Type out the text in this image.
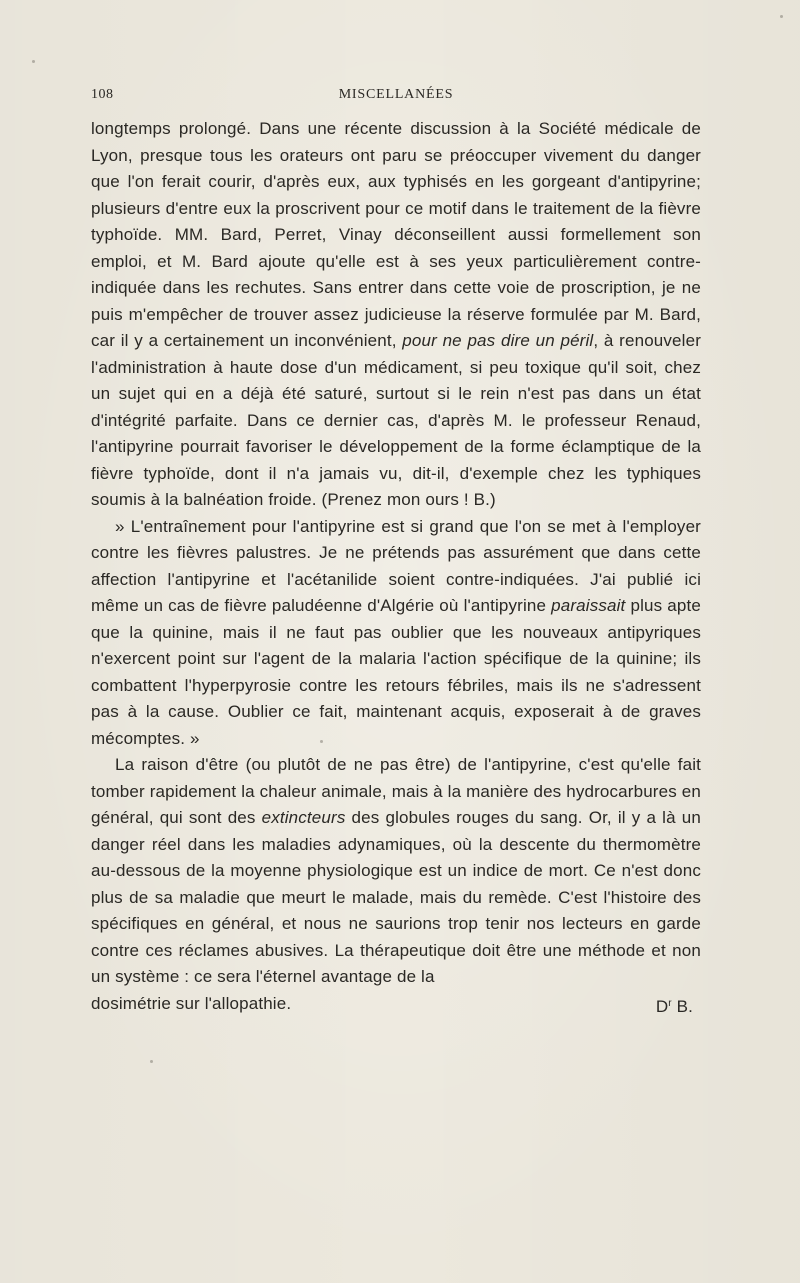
108	MISCELLANÉES

longtemps prolongé. Dans une récente discussion à la Société médicale de Lyon, presque tous les orateurs ont paru se préoccuper vivement du danger que l'on ferait courir, d'après eux, aux typhisés en les gorgeant d'antipyrine; plusieurs d'entre eux la proscrivent pour ce motif dans le traitement de la fièvre typhoïde. MM. Bard, Perret, Vinay déconseillent aussi formellement son emploi, et M. Bard ajoute qu'elle est à ses yeux particulièrement contre-indiquée dans les rechutes. Sans entrer dans cette voie de proscription, je ne puis m'empêcher de trouver assez judicieuse la réserve formulée par M. Bard, car il y a certainement un inconvénient, pour ne pas dire un péril, à renouveler l'administration à haute dose d'un médicament, si peu toxique qu'il soit, chez un sujet qui en a déjà été saturé, surtout si le rein n'est pas dans un état d'intégrité parfaite. Dans ce dernier cas, d'après M. le professeur Renaud, l'antipyrine pourrait favoriser le développement de la forme éclamptique de la fièvre typhoïde, dont il n'a jamais vu, dit-il, d'exemple chez les typhiques soumis à la balnéation froide. (Prenez mon ours ! B.)

» L'entraînement pour l'antipyrine est si grand que l'on se met à l'employer contre les fièvres palustres. Je ne prétends pas assurément que dans cette affection l'antipyrine et l'acétanilide soient contre-indiquées. J'ai publié ici même un cas de fièvre paludéenne d'Algérie où l'antipyrine paraissait plus apte que la quinine, mais il ne faut pas oublier que les nouveaux antipyriques n'exercent point sur l'agent de la malaria l'action spécifique de la quinine; ils combattent l'hyperpyrosie contre les retours fébriles, mais ils ne s'adressent pas à la cause. Oublier ce fait, maintenant acquis, exposerait à de graves mécomptes. »

La raison d'être (ou plutôt de ne pas être) de l'antipyrine, c'est qu'elle fait tomber rapidement la chaleur animale, mais à la manière des hydrocarbures en général, qui sont des extincteurs des globules rouges du sang. Or, il y a là un danger réel dans les maladies adynamiques, où la descente du thermomètre au-dessous de la moyenne physiologique est un indice de mort. Ce n'est donc plus de sa maladie que meurt le malade, mais du remède. C'est l'histoire des spécifiques en général, et nous ne saurions trop tenir nos lecteurs en garde contre ces réclames abusives. La thérapeutique doit être une méthode et non un système : ce sera l'éternel avantage de la

dosimétrie sur l'allopathie.	$D^r$ B.
